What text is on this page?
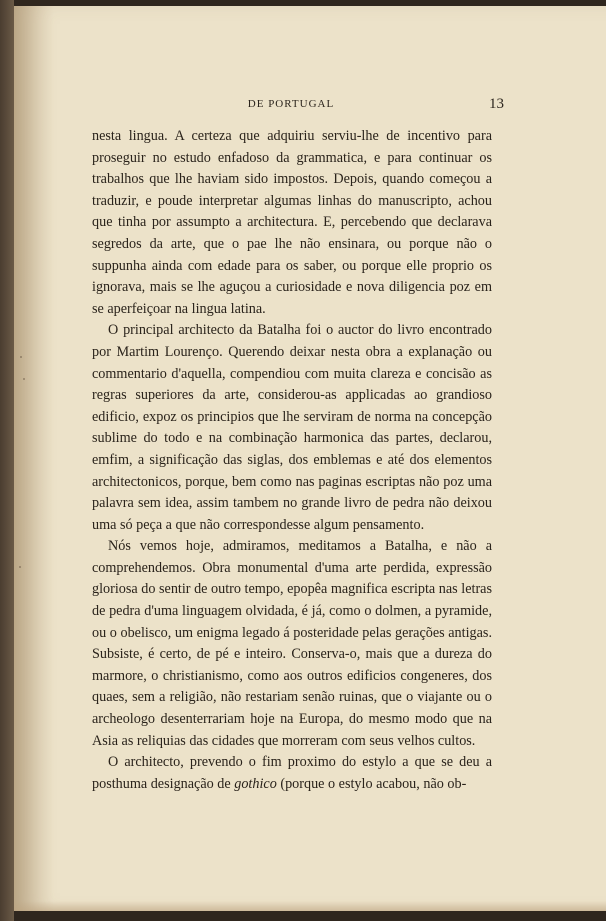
DE PORTUGAL	13

nesta lingua. A certeza que adquiriu serviu-lhe de incentivo para proseguir no estudo enfadoso da grammatica, e para continuar os trabalhos que lhe haviam sido impostos. Depois, quando começou a traduzir, e poude interpretar algumas linhas do manuscripto, achou que tinha por assumpto a architectura. E, percebendo que declarava segredos da arte, que o pae lhe não ensinara, ou porque não o suppunha ainda com edade para os saber, ou porque elle proprio os ignorava, mais se lhe aguçou a curiosidade e nova diligencia poz em se aperfeiçoar na lingua latina.

O principal architecto da Batalha foi o auctor do livro encontrado por Martim Lourenço. Querendo deixar nesta obra a explanação ou commentario d'aquella, compendiou com muita clareza e concisão as regras superiores da arte, considerou-as applicadas ao grandioso edificio, expoz os principios que lhe serviram de norma na concepção sublime do todo e na combinação harmonica das partes, declarou, emfim, a significação das siglas, dos emblemas e até dos elementos architectonicos, porque, bem como nas paginas escriptas não poz uma palavra sem idea, assim tambem no grande livro de pedra não deixou uma só peça a que não correspondesse algum pensamento.

Nós vemos hoje, admiramos, meditamos a Batalha, e não a comprehendemos. Obra monumental d'uma arte perdida, expressão gloriosa do sentir de outro tempo, epopêa magnifica escripta nas letras de pedra d'uma linguagem olvidada, é já, como o dolmen, a pyramide, ou o obelisco, um enigma legado á posteridade pelas gerações antigas. Subsiste, é certo, de pé e inteiro. Conserva-o, mais que a dureza do marmore, o christianismo, como aos outros edificios congeneres, dos quaes, sem a religião, não restariam senão ruinas, que o viajante ou o archeologo desenterrariam hoje na Europa, do mesmo modo que na Asia as reliquias das cidades que morreram com seus velhos cultos.

O architecto, prevendo o fim proximo do estylo a que se deu a posthuma designação de gothico (porque o estylo acabou, não ob-
